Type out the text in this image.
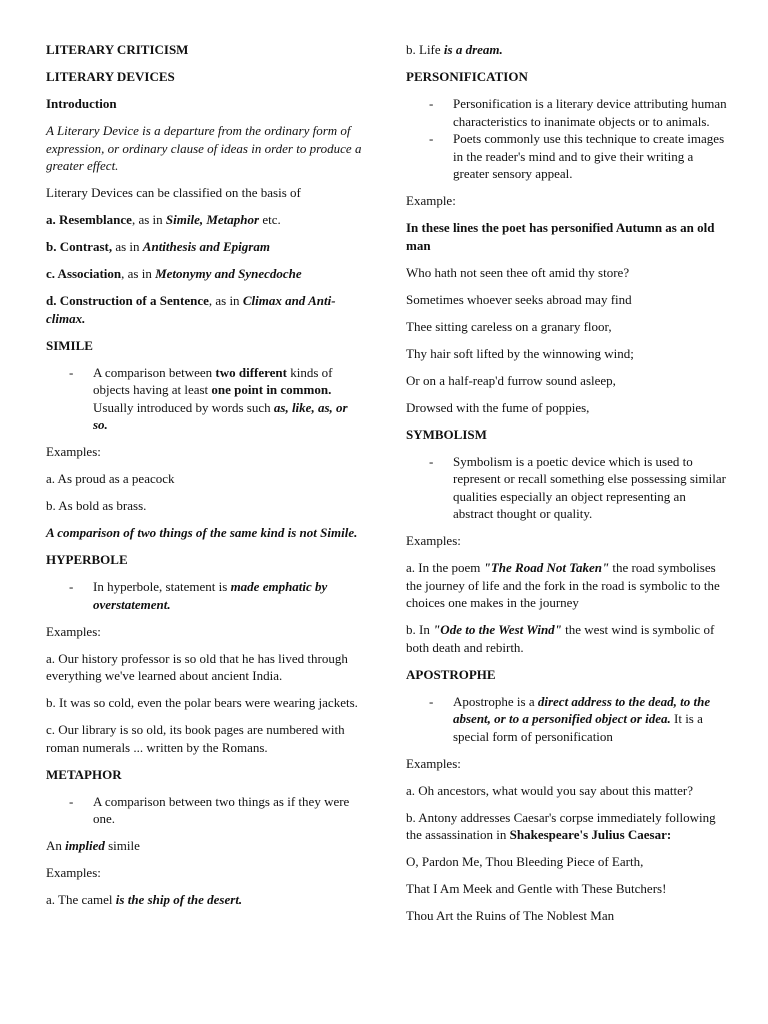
LITERARY CRITICISM
LITERARY DEVICES
Introduction

A Literary Device is a departure from the ordinary form of expression, or ordinary clause of ideas in order to produce a greater effect.

Literary Devices can be classified on the basis of

a. Resemblance, as in Simile, Metaphor etc.

b. Contrast, as in Antithesis and Epigram

c. Association, as in Metonymy and Synecdoche

d. Construction of a Sentence, as in Climax and Anti-climax.

SIMILE
- A comparison between two different kinds of objects having at least one point in common. Usually introduced by words such as, like, as, or so.

Examples:

a. As proud as a peacock

b. As bold as brass.

A comparison of two things of the same kind is not Simile.

HYPERBOLE
- In hyperbole, statement is made emphatic by overstatement.

Examples:

a. Our history professor is so old that he has lived through everything we've learned about ancient India.

b. It was so cold, even the polar bears were wearing jackets.

c. Our library is so old, its book pages are numbered with roman numerals ... written by the Romans.

METAPHOR
- A comparison between two things as if they were one.

An implied simile

Examples:

a. The camel is the ship of the desert.

b. Life is a dream.

PERSONIFICATION
- Personification is a literary device attributing human characteristics to inanimate objects or to animals.
- Poets commonly use this technique to create images in the reader's mind and to give their writing a greater sensory appeal.

Example:

In these lines the poet has personified Autumn as an old man

Who hath not seen thee oft amid thy store?

Sometimes whoever seeks abroad may find

Thee sitting careless on a granary floor,

Thy hair soft lifted by the winnowing wind;

Or on a half-reap'd furrow sound asleep,

Drowsed with the fume of poppies,

SYMBOLISM
- Symbolism is a poetic device which is used to represent or recall something else possessing similar qualities especially an object representing an abstract thought or quality.

Examples:

a. In the poem "The Road Not Taken" the road symbolises the journey of life and the fork in the road is symbolic to the choices one makes in the journey

b. In "Ode to the West Wind" the west wind is symbolic of both death and rebirth.

APOSTROPHE
- Apostrophe is a direct address to the dead, to the absent, or to a personified object or idea. It is a special form of personification

Examples:

a. Oh ancestors, what would you say about this matter?

b. Antony addresses Caesar's corpse immediately following the assassination in Shakespeare's Julius Caesar:

O, Pardon Me, Thou Bleeding Piece of Earth,

That I Am Meek and Gentle with These Butchers!

Thou Art the Ruins of The Noblest Man
